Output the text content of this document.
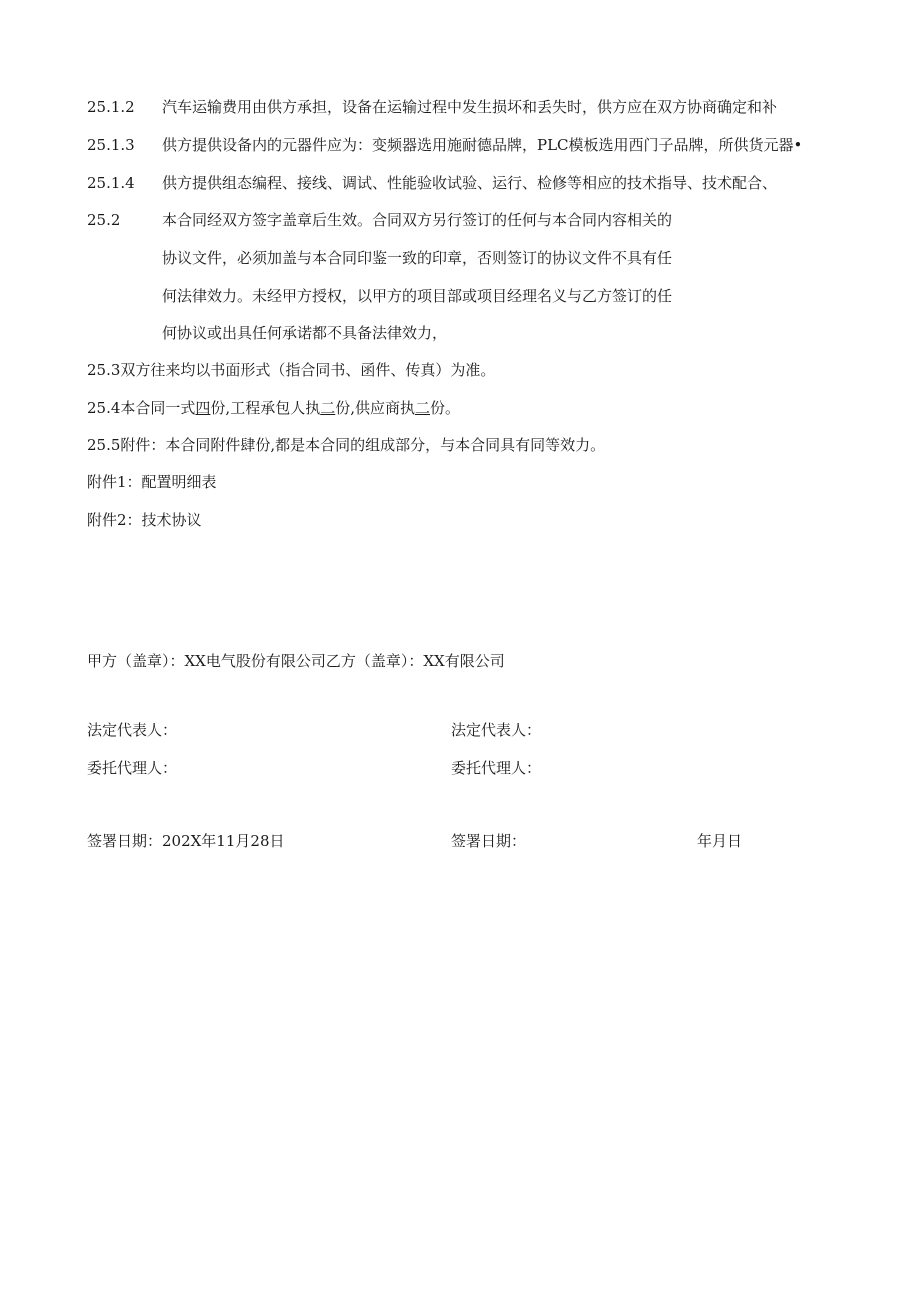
25.1.2 汽车运输费用由供方承担，设备在运输过程中发生损坏和丢失时，供方应在双方协商确定和补
25.1.3 供方提供设备内的元器件应为：变频器选用施耐德品牌，PLC模板选用西门子品牌，所供货元器•
25.1.4 供方提供组态编程、接线、调试、性能验收试验、运行、检修等相应的技术指导、技术配合、
25.2	本合同经双方签字盖章后生效。合同双方另行签订的任何与本合同内容相关的
协议文件，必须加盖与本合同印鉴一致的印章，否则签订的协议文件不具有任
何法律效力。未经甲方授权，以甲方的项目部或项目经理名义与乙方签订的任
何协议或出具任何承诺都不具备法律效力，
25.3双方往来均以书面形式（指合同书、函件、传真）为准。
25.4本合同一式四份,工程承包人执二份,供应商执二份。
25.5附件：本合同附件肆份,都是本合同的组成部分，与本合同具有同等效力。
附件1：配置明细表
附件2：技术协议
甲方（盖章）：XX电气股份有限公司乙方（盖章）：XX有限公司
法定代表人：	法定代表人：
委托代理人：	委托代理人：
签署日期：202X年11月28日	签署日期：	年月日
